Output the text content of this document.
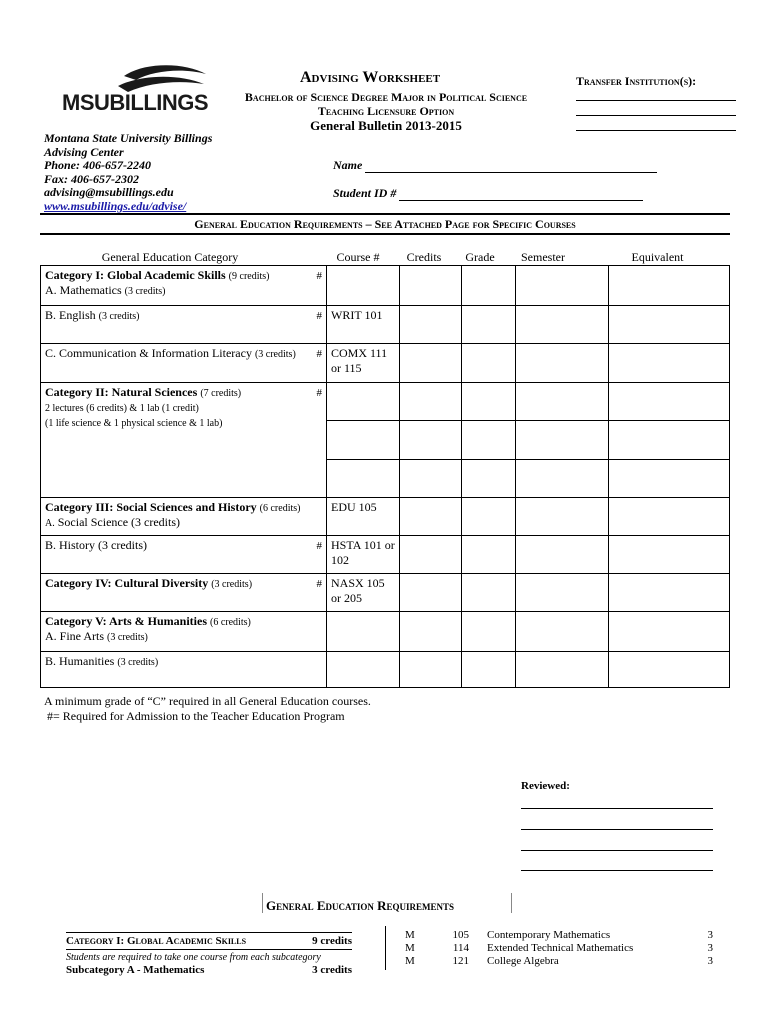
MSUBILLINGS
Montana State University Billings
Advising Center
Phone: 406-657-2240
Fax: 406-657-2302
advising@msubillings.edu
www.msubillings.edu/advise/
Advising Worksheet
Bachelor of Science Degree Major in Political Science
Teaching Licensure Option
General Bulletin 2013-2015
Transfer Institution(s):
Name
Student ID #
General Education Requirements – See Attached Page for Specific Courses
General Education Category	Course #	Credits	Grade	Semester	Equivalent
Category I: Global Academic Skills (9 credits)
A. Mathematics (3 credits)
#					

B. English (3 credits) #	WRIT 101				
C. Communication & Information Literacy (3 credits) #	COMX 111 or 115				
Category II: Natural Sciences (7 credits)
2 lectures (6 credits) & 1 lab (1 credit)
(1 life science & 1 physical science & 1 lab)
#					

Category III: Social Sciences and History (6 credits)
A. Social Science (3 credits)	EDU 105				
B. History (3 credits) #	HSTA 101 or 102				
Category IV: Cultural Diversity (3 credits) #	NASX 105 or 205				
Category V: Arts & Humanities (6 credits)
A. Fine Arts (3 credits)					
B. Humanities (3 credits)					
A minimum grade of “C” required in all General Education courses.
#= Required for Admission to the Teacher Education Program
Reviewed:
General Education Requirements
Category I: Global Academic Skills	9 credits
Students are required to take one course from each subcategory
Subcategory A - Mathematics	3 credits
M	105 Contemporary Mathematics	3
M	114 Extended Technical Mathematics	3
M	121 College Algebra	3
